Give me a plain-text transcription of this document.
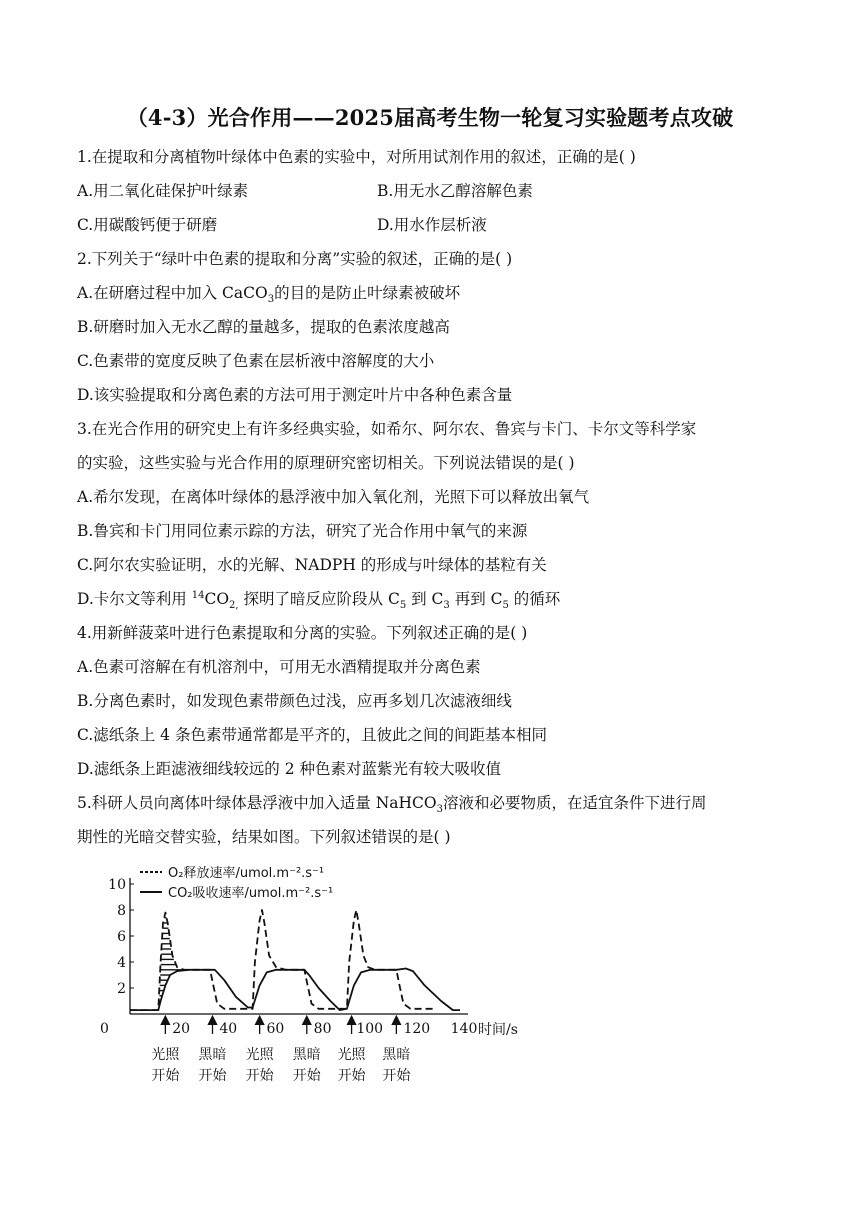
（4-3）光合作用——2025届高考生物一轮复习实验题考点攻破
1.在提取和分离植物叶绿体中色素的实验中，对所用试剂作用的叙述，正确的是( )
A.用二氧化硅保护叶绿素	B.用无水乙醇溶解色素
C.用碳酸钙便于研磨	D.用水作层析液
2.下列关于“绿叶中色素的提取和分离”实验的叙述，正确的是( )
A.在研磨过程中加入 CaCO$_3$的目的是防止叶绿素被破坏
B.研磨时加入无水乙醇的量越多，提取的色素浓度越高
C.色素带的宽度反映了色素在层析液中溶解度的大小
D.该实验提取和分离色素的方法可用于测定叶片中各种色素含量
3.在光合作用的研究史上有许多经典实验，如希尔、阿尔农、鲁宾与卡门、卡尔文等科学家
的实验，这些实验与光合作用的原理研究密切相关。下列说法错误的是( )
A.希尔发现，在离体叶绿体的悬浮液中加入氧化剂，光照下可以释放出氧气
B.鲁宾和卡门用同位素示踪的方法，研究了光合作用中氧气的来源
C.阿尔农实验证明，水的光解、NADPH 的形成与叶绿体的基粒有关
D.卡尔文等利用 $^{14}CO_{2,}$ 探明了暗反应阶段从 $C_5$ 到 $C_3$ 再到 $C_5$ 的循环
4.用新鲜菠菜叶进行色素提取和分离的实验。下列叙述正确的是( )
A.色素可溶解在有机溶剂中，可用无水酒精提取并分离色素
B.分离色素时，如发现色素带颜色过浅，应再多划几次滤液细线
C.滤纸条上 4 条色素带通常都是平齐的，且彼此之间的间距基本相同
D.滤纸条上距滤液细线较远的 2 种色素对蓝紫光有较大吸收值
5.科研人员向离体叶绿体悬浮液中加入适量 NaHCO$_3$溶液和必要物质，在适宜条件下进行周
期性的光暗交替实验，结果如图。下列叙述错误的是( )
2
4
6
8
10
0	20 40 60 80 100 120 140 时间/s
O₂释放速率/umol.m⁻².s⁻¹
CO₂吸收速率/umol.m⁻².s⁻¹
光照
开始
黑暗
开始
光照
开始
黑暗
开始
光照
开始
黑暗
开始
